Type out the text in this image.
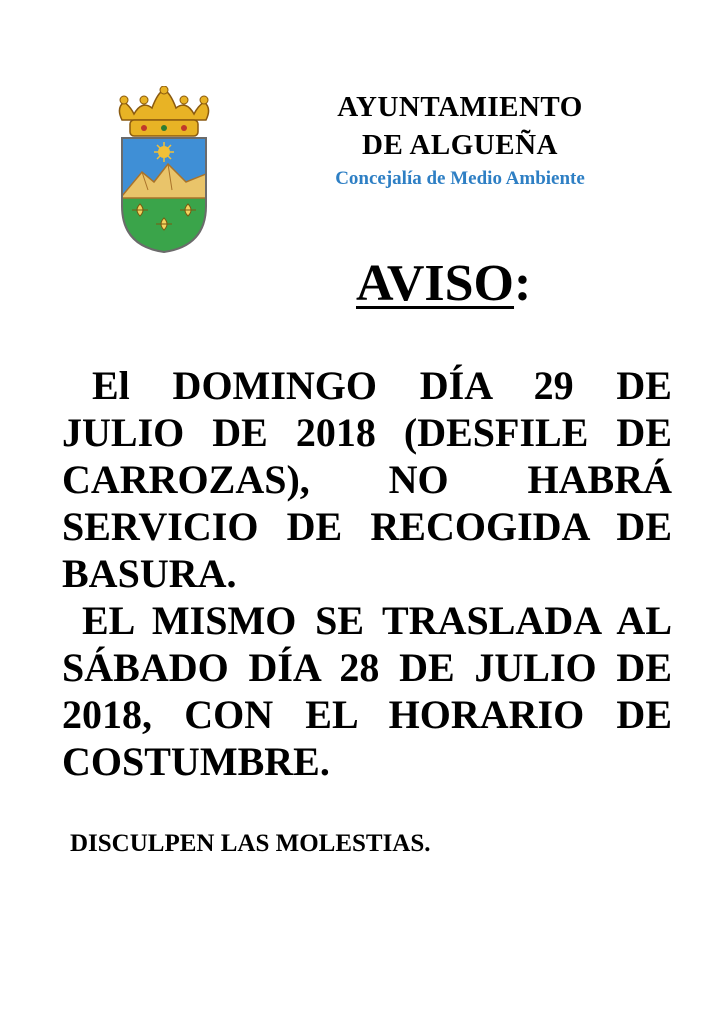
AYUNTAMIENTO
DE ALGUEÑA
Concejalía de Medio Ambiente
AVISO:

El DOMINGO DÍA 29 DE JULIO DE 2018 (DESFILE DE CARROZAS), NO HABRÁ SERVICIO DE RECOGIDA DE BASURA.

EL MISMO SE TRASLADA AL SÁBADO DÍA 28 DE JULIO DE 2018, CON EL HORARIO DE COSTUMBRE.

DISCULPEN LAS MOLESTIAS.
